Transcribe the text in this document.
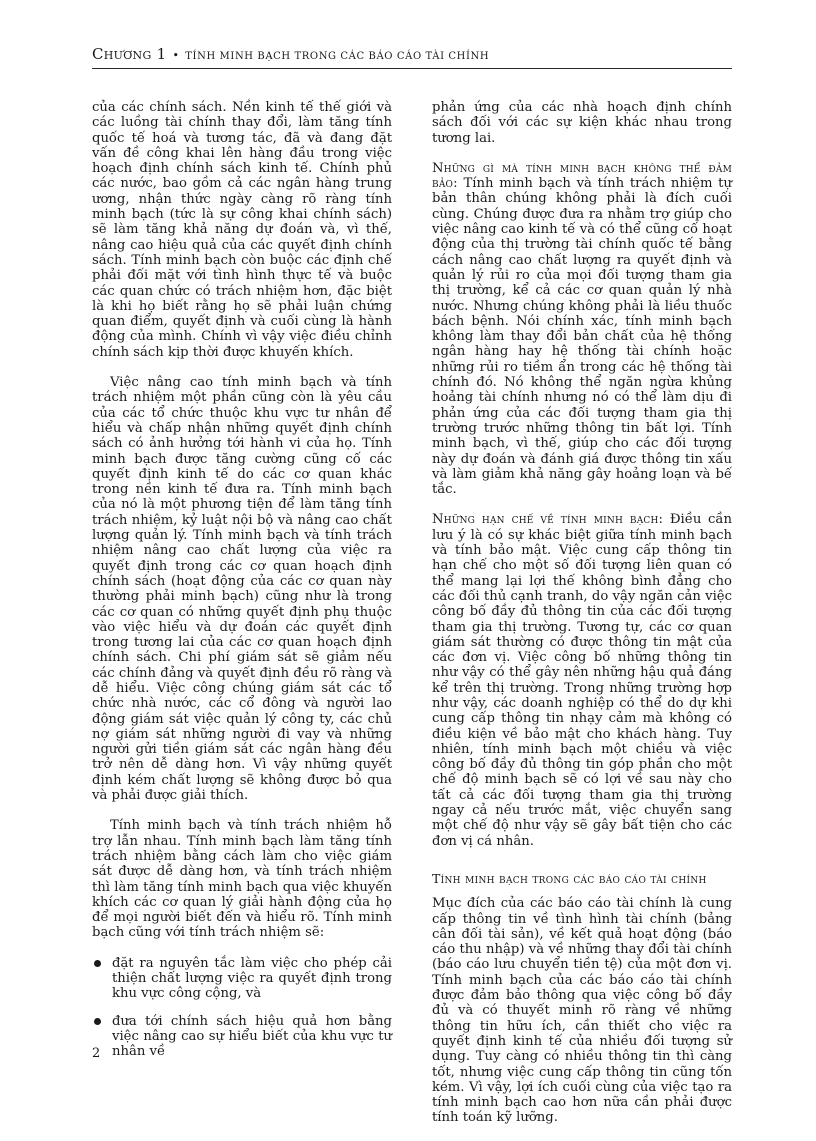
Chương 1 • TÍNH MINH BẠCH TRONG CÁC BÁO CÁO TÀI CHÍNH

của các chính sách. Nền kinh tế thế giới và các luồng tài chính thay đổi, làm tăng tính quốc tế hoá và tương tác, đã và đang đặt vấn đề công khai lên hàng đầu trong việc hoạch định chính sách kinh tế. Chính phủ các nước, bao gồm cả các ngân hàng trung ương, nhận thức ngày càng rõ ràng tính minh bạch (tức là sự công khai chính sách) sẽ làm tăng khả năng dự đoán và, vì thế, nâng cao hiệu quả của các quyết định chính sách. Tính minh bạch còn buộc các định chế phải đối mặt với tình hình thực tế và buộc các quan chức có trách nhiệm hơn, đặc biệt là khi họ biết rằng họ sẽ phải luận chứng quan điểm, quyết định và cuối cùng là hành động của mình. Chính vì vậy việc điều chỉnh chính sách kịp thời được khuyến khích.

Việc nâng cao tính minh bạch và tính trách nhiệm một phần cũng còn là yêu cầu của các tổ chức thuộc khu vực tư nhân để hiểu và chấp nhận những quyết định chính sách có ảnh hưởng tới hành vi của họ. Tính minh bạch được tăng cường cũng cố các quyết định kinh tế do các cơ quan khác trong nền kinh tế đưa ra. Tính minh bạch của nó là một phương tiện để làm tăng tính trách nhiệm, kỷ luật nội bộ và nâng cao chất lượng quản lý. Tính minh bạch và tính trách nhiệm nâng cao chất lượng của việc ra quyết định trong các cơ quan hoạch định chính sách (hoạt động của các cơ quan này thường phải minh bạch) cũng như là trong các cơ quan có những quyết định phụ thuộc vào việc hiểu và dự đoán các quyết định trong tương lai của các cơ quan hoạch định chính sách. Chi phí giám sát sẽ giảm nếu các chính đảng và quyết định đều rõ ràng và dễ hiểu. Việc công chúng giám sát các tổ chức nhà nước, các cổ đông và người lao động giám sát việc quản lý công ty, các chủ nợ giám sát những người đi vay và những người gửi tiền giám sát các ngân hàng đều trở nên dễ dàng hơn. Vì vậy những quyết định kém chất lượng sẽ không được bỏ qua và phải được giải thích.

Tính minh bạch và tính trách nhiệm hỗ trợ lẫn nhau. Tính minh bạch làm tăng tính trách nhiệm bằng cách làm cho việc giám sát được dễ dàng hơn, và tính trách nhiệm thì làm tăng tính minh bạch qua việc khuyến khích các cơ quan lý giải hành động của họ để mọi người biết đến và hiểu rõ. Tính minh bạch cũng với tính trách nhiệm sẽ:

đặt ra nguyên tắc làm việc cho phép cải thiện chất lượng việc ra quyết định trong khu vực công cộng, và
đưa tới chính sách hiệu quả hơn bằng việc nâng cao sự hiểu biết của khu vực tư nhân về

phản ứng của các nhà hoạch định chính sách đối với các sự kiện khác nhau trong tương lai.

Những gì mà tính minh bạch không thể đảm bảo: Tính minh bạch và tính trách nhiệm tự bản thân chúng không phải là đích cuối cùng. Chúng được đưa ra nhằm trợ giúp cho việc nâng cao kinh tế và có thể cũng cố hoạt động của thị trường tài chính quốc tế bằng cách nâng cao chất lượng ra quyết định và quản lý rủi ro của mọi đối tượng tham gia thị trường, kể cả các cơ quan quản lý nhà nước. Nhưng chúng không phải là liều thuốc bách bệnh. Nói chính xác, tính minh bạch không làm thay đổi bản chất của hệ thống ngân hàng hay hệ thống tài chính hoặc những rủi ro tiềm ẩn trong các hệ thống tài chính đó. Nó không thể ngăn ngừa khủng hoảng tài chính nhưng nó có thể làm dịu đi phản ứng của các đối tượng tham gia thị trường trước những thông tin bất lợi. Tính minh bạch, vì thế, giúp cho các đối tượng này dự đoán và đánh giá được thông tin xấu và làm giảm khả năng gây hoảng loạn và bế tắc.

Những hạn chế về tính minh bạch: Điều cần lưu ý là có sự khác biệt giữa tính minh bạch và tính bảo mật. Việc cung cấp thông tin hạn chế cho một số đối tượng liên quan có thể mang lại lợi thế không bình đẳng cho các đối thủ cạnh tranh, do vậy ngăn cản việc công bố đầy đủ thông tin của các đối tượng tham gia thị trường. Tương tự, các cơ quan giám sát thường có được thông tin mật của các đơn vị. Việc công bố những thông tin như vậy có thể gây nên những hậu quả đáng kể trên thị trường. Trong những trường hợp như vậy, các doanh nghiệp có thể do dự khi cung cấp thông tin nhạy cảm mà không có điều kiện về bảo mật cho khách hàng. Tuy nhiên, tính minh bạch một chiều và việc công bố đầy đủ thông tin góp phần cho một chế độ minh bạch sẽ có lợi về sau này cho tất cả các đối tượng tham gia thị trường ngay cả nếu trước mắt, việc chuyển sang một chế độ như vậy sẽ gây bất tiện cho các đơn vị cá nhân.

Tính minh bạch trong các báo cáo tài chính

Mục đích của các báo cáo tài chính là cung cấp thông tin về tình hình tài chính (bảng cân đối tài sản), về kết quả hoạt động (báo cáo thu nhập) và về những thay đổi tài chính (báo cáo lưu chuyển tiền tệ) của một đơn vị. Tính minh bạch của các báo cáo tài chính được đảm bảo thông qua việc công bố đầy đủ và có thuyết minh rõ ràng về những thông tin hữu ích, cần thiết cho việc ra quyết định kinh tế của nhiều đối tượng sử dụng. Tuy càng có nhiều thông tin thì càng tốt, nhưng việc cung cấp thông tin cũng tốn kém. Vì vậy, lợi ích cuối cùng của việc tạo ra tính minh bạch cao hơn nữa cần phải được tính toán kỹ lưỡng.

2
